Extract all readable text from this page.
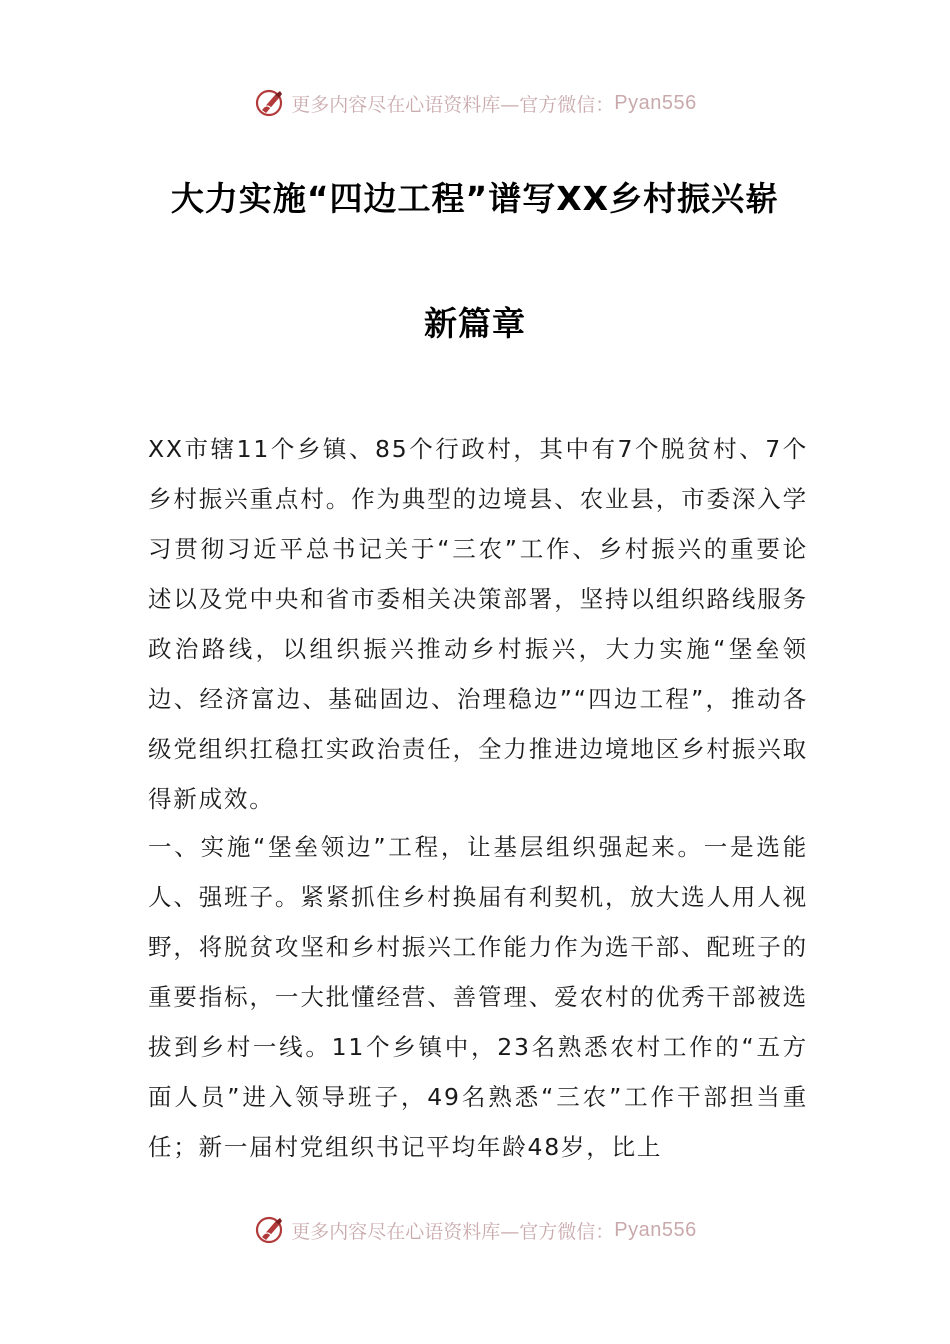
更多内容尽在心语资料库—官方微信： Pyan556
大力实施“四边工程”谱写XX乡村振兴崭
新篇章

XX市辖11个乡镇、85个行政村，其中有7个脱贫村、7个乡村振兴重点村。作为典型的边境县、农业县，市委深入学习贯彻习近平总书记关于“三农”工作、乡村振兴的重要论述以及党中央和省市委相关决策部署，坚持以组织路线服务政治路线，以组织振兴推动乡村振兴，大力实施“堡垒领边、经济富边、基础固边、治理稳边”“四边工程”，推动各级党组织扛稳扛实政治责任，全力推进边境地区乡村振兴取得新成效。

一、实施“堡垒领边”工程，让基层组织强起来。一是选能人、强班子。紧紧抓住乡村换届有利契机，放大选人用人视野，将脱贫攻坚和乡村振兴工作能力作为选干部、配班子的重要指标，一大批懂经营、善管理、爱农村的优秀干部被选拔到乡村一线。11个乡镇中，23名熟悉农村工作的“五方面人员”进入领导班子，49名熟悉“三农”工作干部担当重任；新一届村党组织书记平均年龄48岁，比上

更多内容尽在心语资料库—官方微信： Pyan556
